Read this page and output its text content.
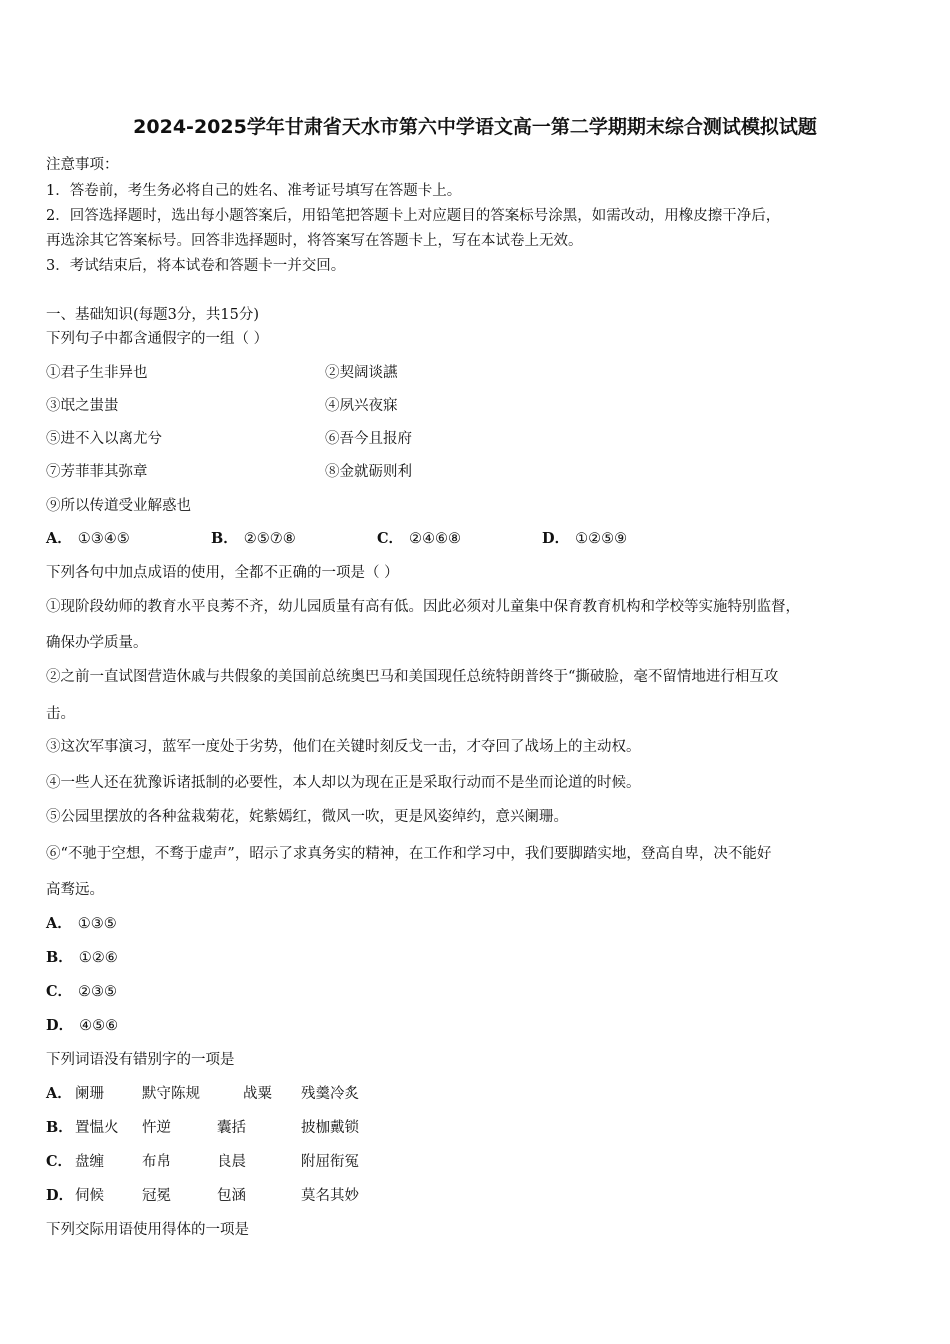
2024-2025学年甘肃省天水市第六中学语文高一第二学期期末综合测试模拟试题
注意事项：
1．答卷前，考生务必将自己的姓名、准考证号填写在答题卡上。
2．回答选择题时，选出每小题答案后，用铅笔把答题卡上对应题目的答案标号涂黑，如需改动，用橡皮擦干净后，
再选涂其它答案标号。回答非选择题时，将答案写在答题卡上，写在本试卷上无效。
3．考试结束后，将本试卷和答题卡一并交回。
一、基础知识(每题3分，共15分)
下列句子中都含通假字的一组（ ）
①君子生非异也	②契阔谈讌
③氓之蚩蚩	④夙兴夜寐
⑤进不入以离尤兮	⑥吾今且报府
⑦芳菲菲其弥章	⑧金就砺则利
⑨所以传道受业解惑也
A． ①③④⑤	B． ②⑤⑦⑧	C． ②④⑥⑧	D． ①②⑤⑨
下列各句中加点成语的使用，全都不正确的一项是（ ）
①现阶段幼师的教育水平良莠不齐，幼儿园质量有高有低。因此必须对儿童集中保育教育机构和学校等实施特别监督，
确保办学质量。
②之前一直试图营造休戚与共假象的美国前总统奥巴马和美国现任总统特朗普终于“撕破脸，毫不留情地进行相互攻
击。
③这次军事演习，蓝军一度处于劣势，他们在关键时刻反戈一击，才夺回了战场上的主动权。
④一些人还在犹豫诉诸抵制的必要性，本人却以为现在正是采取行动而不是坐而论道的时候。
⑤公园里摆放的各种盆栽菊花，姹紫嫣红，微风一吹，更是风姿绰约，意兴阑珊。
⑥“不驰于空想，不骛于虚声”，昭示了求真务实的精神，在工作和学习中，我们要脚踏实地，登高自卑，决不能好
高骛远。
A． ①③⑤
B． ①②⑥
C． ②③⑤
D． ④⑤⑥
下列词语没有错别字的一项是
A． 阑珊	默守陈规	战粟 残羹冷炙
B． 置愠火 忤逆	囊括	披枷戴锁
C． 盘缠	布帛	良晨	附屈衔冤
D． 伺候	冠冕	包涵	莫名其妙
下列交际用语使用得体的一项是
